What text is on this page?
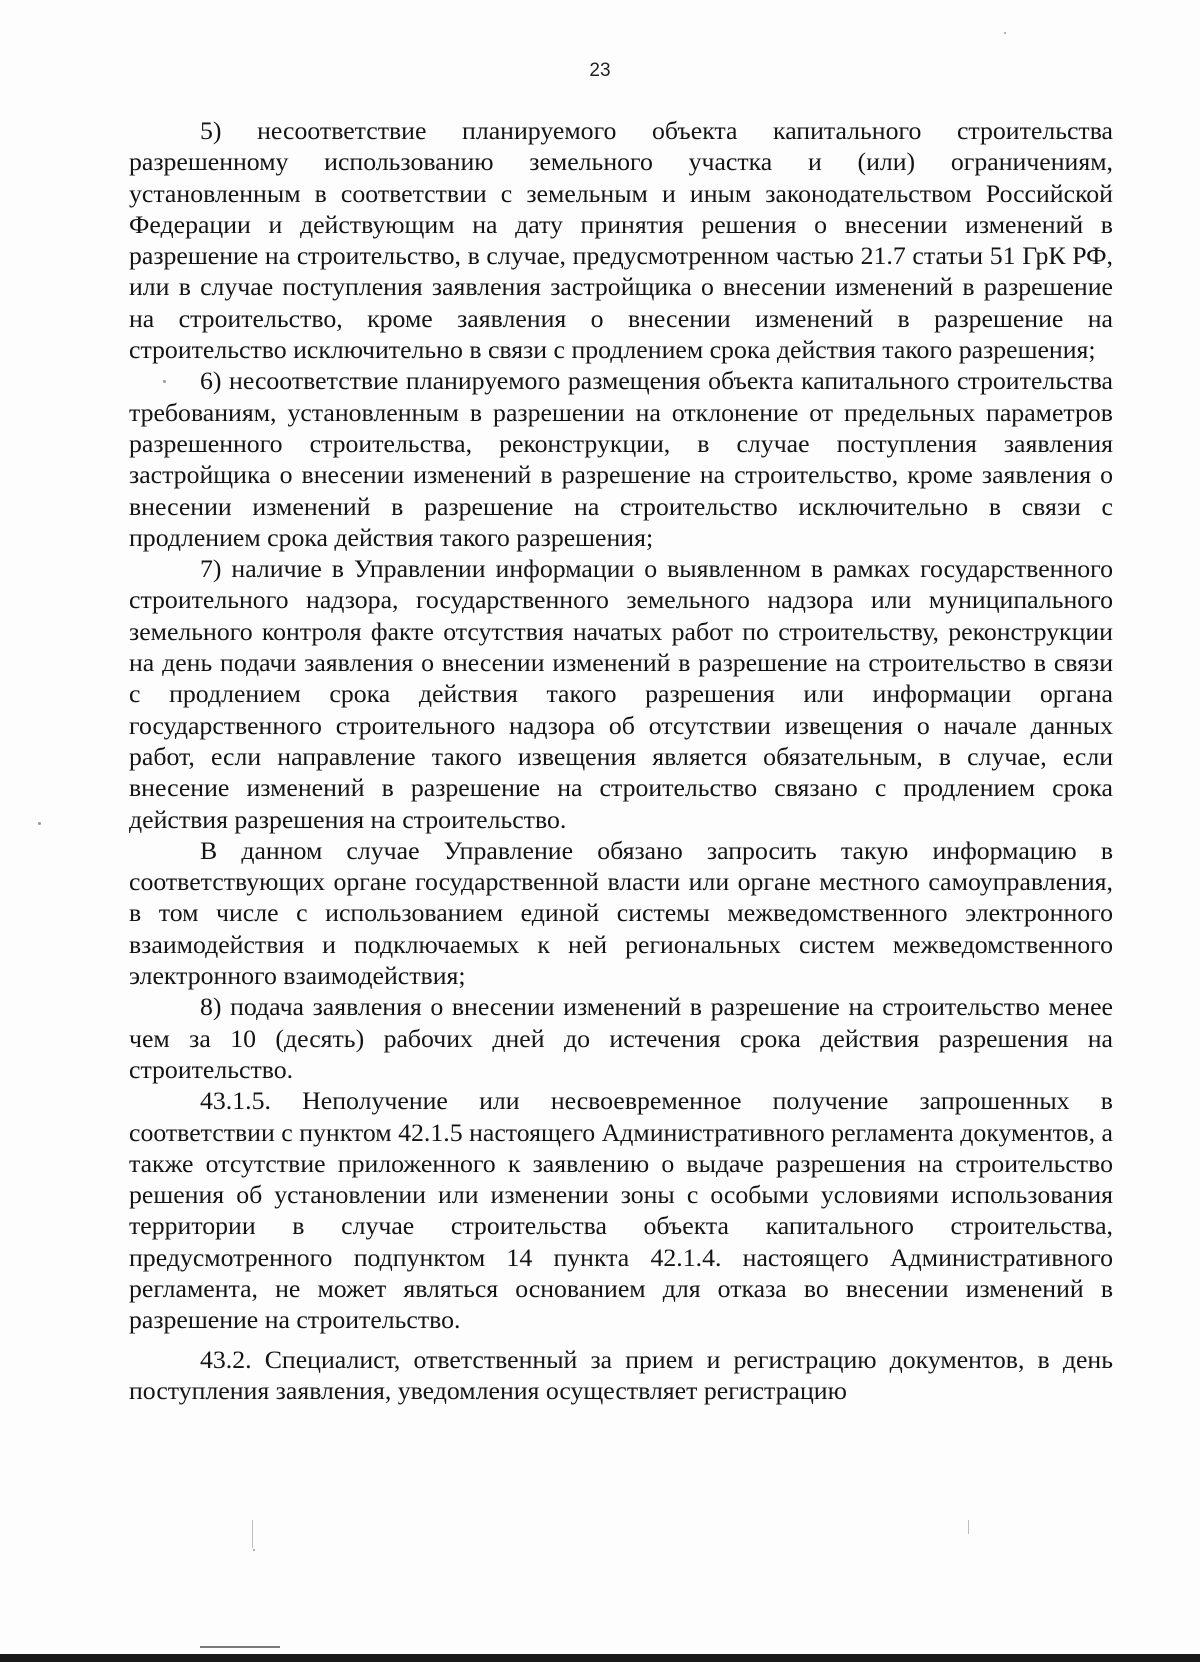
23

5) несоответствие планируемого объекта капитального строительства разрешенному использованию земельного участка и (или) ограничениям, установленным в соответствии с земельным и иным законодательством Российской Федерации и действующим на дату принятия решения о внесении изменений в разрешение на строительство, в случае, предусмотренном частью 21.7 статьи 51 ГрК РФ, или в случае поступления заявления застройщика о внесении изменений в разрешение на строительство, кроме заявления о внесении изменений в разрешение на строительство исключительно в связи с продлением срока действия такого разрешения;

6) несоответствие планируемого размещения объекта капитального строительства требованиям, установленным в разрешении на отклонение от предельных параметров разрешенного строительства, реконструкции, в случае поступления заявления застройщика о внесении изменений в разрешение на строительство, кроме заявления о внесении изменений в разрешение на строительство исключительно в связи с продлением срока действия такого разрешения;

7) наличие в Управлении информации о выявленном в рамках государственного строительного надзора, государственного земельного надзора или муниципального земельного контроля факте отсутствия начатых работ по строительству, реконструкции на день подачи заявления о внесении изменений в разрешение на строительство в связи с продлением срока действия такого разрешения или информации органа государственного строительного надзора об отсутствии извещения о начале данных работ, если направление такого извещения является обязательным, в случае, если внесение изменений в разрешение на строительство связано с продлением срока действия разрешения на строительство.

В данном случае Управление обязано запросить такую информацию в соответствующих органе государственной власти или органе местного самоуправления, в том числе с использованием единой системы межведомственного электронного взаимодействия и подключаемых к ней региональных систем межведомственного электронного взаимодействия;

8) подача заявления о внесении изменений в разрешение на строительство менее чем за 10 (десять) рабочих дней до истечения срока действия разрешения на строительство.

43.1.5. Неполучение или несвоевременное получение запрошенных в соответствии с пунктом 42.1.5 настоящего Административного регламента документов, а также отсутствие приложенного к заявлению о выдаче разрешения на строительство решения об установлении или изменении зоны с особыми условиями использования территории в случае строительства объекта капитального строительства, предусмотренного подпунктом 14 пункта 42.1.4. настоящего Административного регламента, не может являться основанием для отказа во внесении изменений в разрешение на строительство.

43.2. Специалист, ответственный за прием и регистрацию документов, в день поступления заявления, уведомления осуществляет регистрацию
